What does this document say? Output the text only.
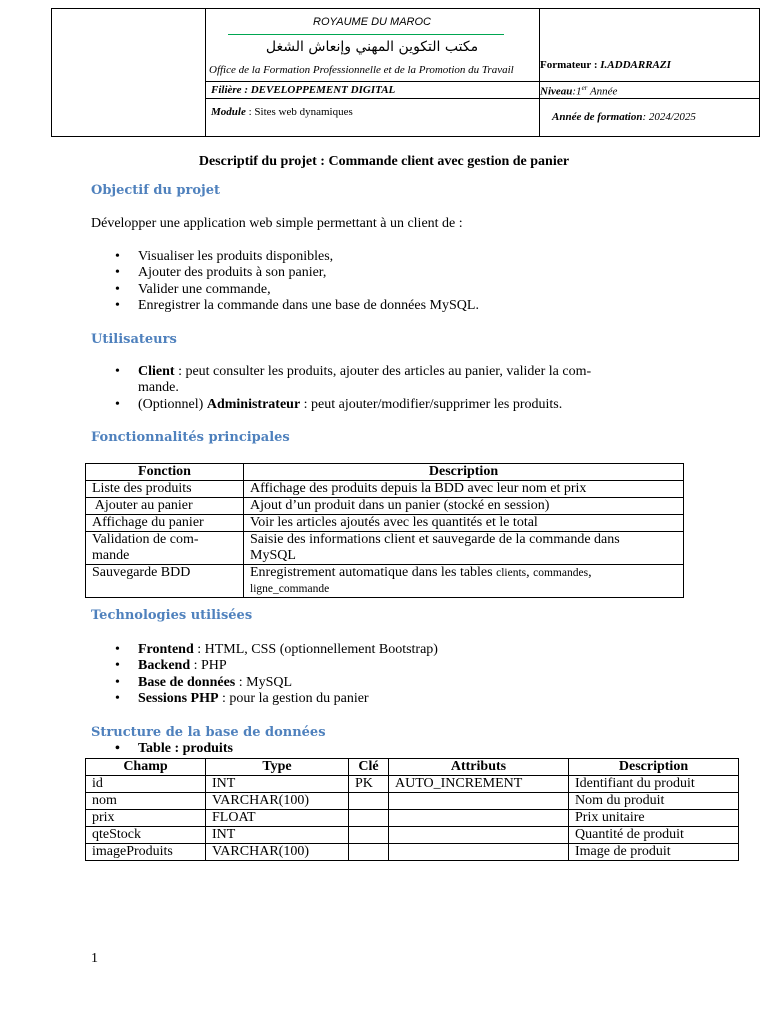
ROYAUME DU MAROC
مكتب التكوين المهني وإنعاش الشغل
Office de la Formation Professionnelle et de la Promotion du Travail Formateur : I.ADDARRAZI
Filière : DEVELOPPEMENT DIGITAL	Niveau:1er Année
Module : Sites web dynamiques	Année de formation: 2024/2025
Descriptif du projet : Commande client avec gestion de panier
Objectif du projet
Développer une application web simple permettant à un client de :
• Visualiser les produits disponibles,
• Ajouter des produits à son panier,
• Valider une commande,
• Enregistrer la commande dans une base de données MySQL.
Utilisateurs
• Client : peut consulter les produits, ajouter des articles au panier, valider la com-
mande.
• (Optionnel) Administrateur : peut ajouter/modifier/supprimer les produits.
Fonctionnalités principales
Fonction	Description
Liste des produits	Affichage des produits depuis la BDD avec leur nom et prix
Ajouter au panier	Ajout d’un produit dans un panier (stocké en session)
Affichage du panier	Voir les articles ajoutés avec les quantités et le total
Validation de com-
mande	Saisie des informations client et sauvegarde de la commande dans
MySQL
Sauvegarde BDD	Enregistrement automatique dans les tables clients, commandes,
ligne_commande
Technologies utilisées
• Frontend : HTML, CSS (optionnellement Bootstrap)
• Backend : PHP
• Base de données : MySQL
• Sessions PHP : pour la gestion du panier
Structure de la base de données
• Table : produits
Champ	Type	Clé	Attributs	Description
id	INT	PK	AUTO_INCREMENT	Identifiant du produit
nom	VARCHAR(100)			Nom du produit
prix	FLOAT			Prix unitaire
qteStock	INT			Quantité de produit
imageProduits	VARCHAR(100)			Image de produit
1
